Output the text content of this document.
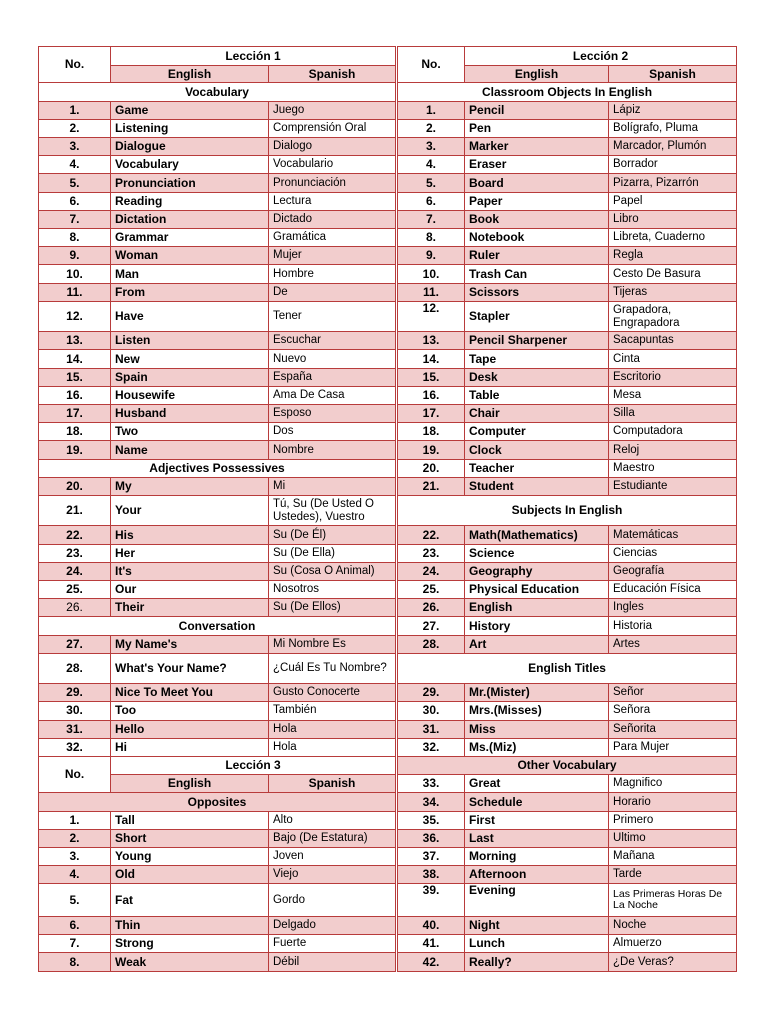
No.	Lección 1		No.	Lección 2	
	English	Spanish		English	Spanish
Vocabulary			Classroom Objects In English		
1.	Game	Juego	1.	Pencil	Lápiz
2.	Listening	Comprensión Oral	2.	Pen	Bolígrafo, Pluma
3.	Dialogue	Dialogo	3.	Marker	Marcador, Plumón
4.	Vocabulary	Vocabulario	4.	Eraser	Borrador
5.	Pronunciation	Pronunciación	5.	Board	Pizarra, Pizarrón
6.	Reading	Lectura	6.	Paper	Papel
7.	Dictation	Dictado	7.	Book	Libro
8.	Grammar	Gramática	8.	Notebook	Libreta, Cuaderno
9.	Woman	Mujer	9.	Ruler	Regla
10.	Man	Hombre	10.	Trash Can	Cesto De Basura
11.	From	De	11.	Scissors	Tijeras
12.	Have	Tener	12.	Stapler	Grapadora, Engrapadora
13.	Listen	Escuchar	13.	Pencil Sharpener	Sacapuntas
14.	New	Nuevo	14.	Tape	Cinta
15.	Spain	España	15.	Desk	Escritorio
16.	Housewife	Ama De Casa	16.	Table	Mesa
17.	Husband	Esposo	17.	Chair	Silla
18.	Two	Dos	18.	Computer	Computadora
19.	Name	Nombre	19.	Clock	Reloj
Adjectives Possessives			20.	Teacher	Maestro
20.	My	Mi	21.	Student	Estudiante
21.	Your	Tú, Su (De Usted O Ustedes), Vuestro	Subjects In English		
22.	His	Su (De Él)	22.	Math(Mathematics)	Matemáticas
23.	Her	Su (De Ella)	23.	Science	Ciencias
24.	It's	Su (Cosa O Animal)	24.	Geography	Geografía
25.	Our	Nosotros	25.	Physical Education	Educación Física
26.	Their	Su (De Ellos)	26.	English	Ingles
Conversation			27.	History	Historia
27.	My Name's	Mi Nombre Es	28.	Art	Artes
28.	What's Your Name?	¿Cuál Es Tu Nombre?	English Titles		
29.	Nice To Meet You	Gusto Conocerte	29.	Mr.(Mister)	Señor
30.	Too	También	30.	Mrs.(Misses)	Señora
31.	Hello	Hola	31.	Miss	Señorita
32.	Hi	Hola	32.	Ms.(Miz)	Para Mujer
No.	Lección 3		Other Vocabulary		
	English	Spanish	33.	Great	Magnifico
Opposites			34.	Schedule	Horario
1.	Tall	Alto	35.	First	Primero
2.	Short	Bajo (De Estatura)	36.	Last	Ultimo
3.	Young	Joven	37.	Morning	Mañana
4.	Old	Viejo	38.	Afternoon	Tarde
5.	Fat	Gordo	39.	Evening	Las Primeras Horas De La Noche
6.	Thin	Delgado	40.	Night	Noche
7.	Strong	Fuerte	41.	Lunch	Almuerzo
8.	Weak	Débil	42.	Really?	¿De Veras?
